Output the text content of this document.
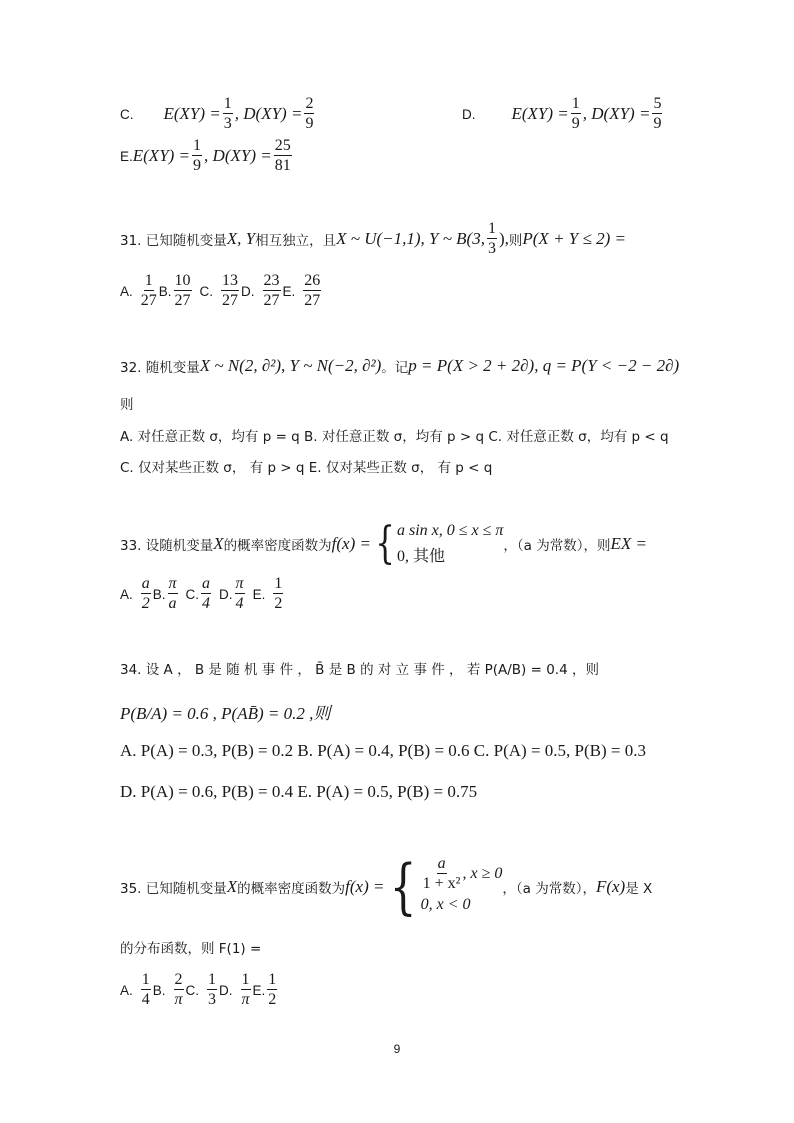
C. $E(XY) = \frac{1}{3}$ , $D(XY) = \frac{2}{9}$	D. $E(XY) = \frac{1}{9}$ , $D(XY) = \frac{5}{9}$
E. $E(XY) = \frac{1}{9}$ , $D(XY) = \frac{25}{81}$
31. 已知随机变量 X, Y 相互独立，且 X ~ U(−1,1), Y ~ B(3, $\frac{1}{3}$ ), 则 P(X + Y ≤ 2) =
A. $\frac{1}{27} B$. $\frac{10}{27} C$. $\frac{13}{27} D$. $\frac{23}{27} E$. $\frac{26}{27}$
32. 随机变量 X ~ N(2, ∂²), Y ~ N(−2, ∂²) 。记 p = P(X > 2 + 2∂), q = P(Y < −2 − 2∂)
则
A. 对任意正数 σ，均有 p = q B. 对任意正数 σ，均有 p > q C. 对任意正数 σ，均有 p < q
C. 仅对某些正数 σ， 有 p > q E. 仅对某些正数 σ， 有 p < q
33. 设随机变量 X 的概率密度函数为 f(x) = { a sin x, 0 ≤ x ≤ π
0, 其他
，（a 为常数），则 EX =
A. $\frac{a}{2} B$. $\frac{\pi}{a} C$. $\frac{a}{4} D$. $\frac{\pi}{4} E$. $\frac{1}{2}$
34. 设 A ， B 是 随 机 事 件 ， B̄ 是 B 的 对 立 事 件 ， 若 P(A/B) = 0.4 ，则
P(B/A) = 0.6 , P(AB̄) = 0.2 ,则
A. P(A) = 0.3, P(B) = 0.2 B. P(A) = 0.4, P(B) = 0.6 C. P(A) = 0.5, P(B) = 0.3
D. P(A) = 0.6, P(B) = 0.4 E. P(A) = 0.5, P(B) = 0.75
35. 已知随机变量 X 的概率密度函数为 f(x) = { $\frac{a}{\text{1 + x²}}$ , x ≥ 0
0, x < 0
，（a 为常数）， F(x) 是 X
的分布函数，则 F(1) =
A. $\frac{1}{4} B$. $\frac{2}{\pi} C$. $\frac{1}{3} D$. $\frac{1}{\pi} E$. $\frac{1}{2}$
9
